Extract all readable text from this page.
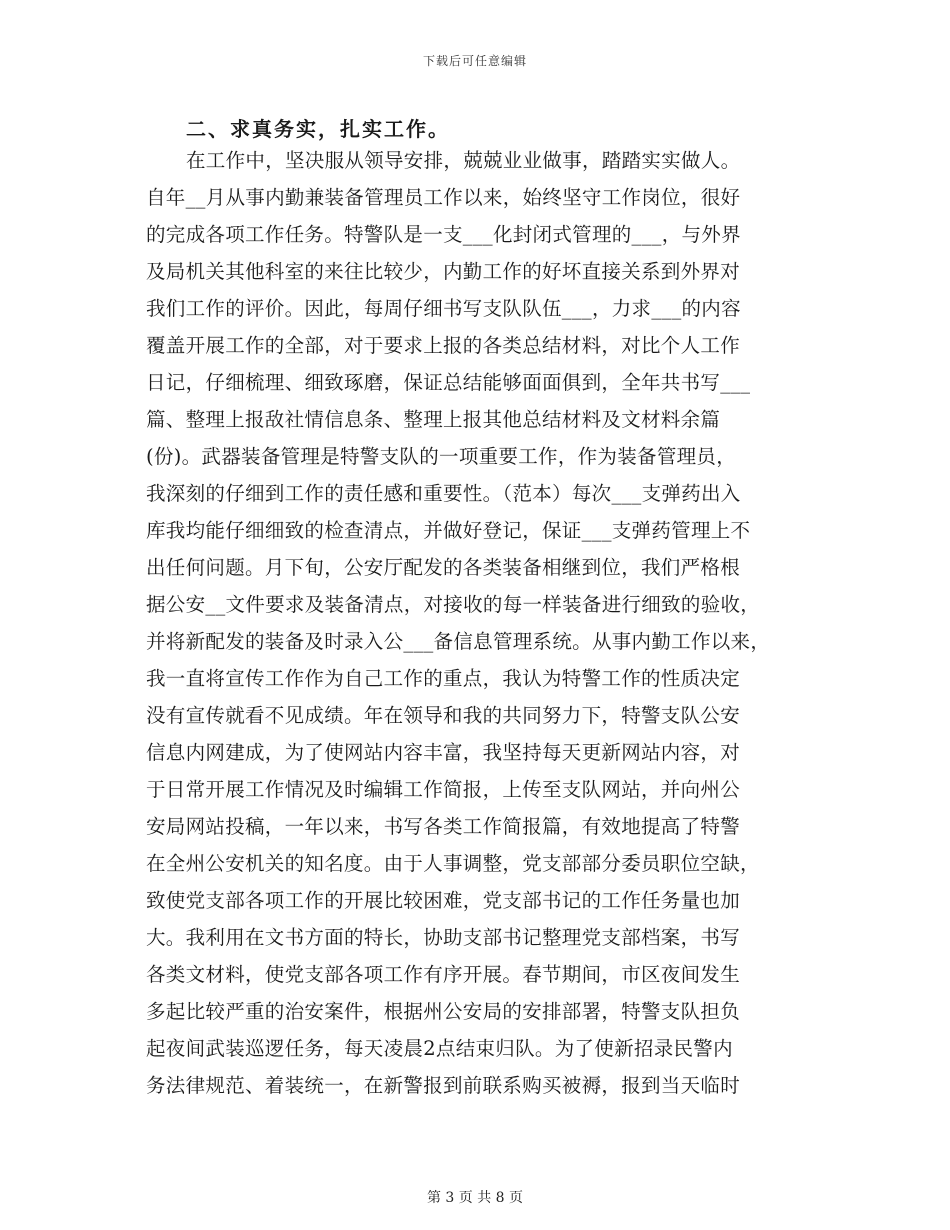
下载后可任意编辑
二、求真务实，扎实工作。
在工作中，坚决服从领导安排，兢兢业业做事，踏踏实实做人。
自年__月从事内勤兼装备管理员工作以来，始终坚守工作岗位，很好
的完成各项工作任务。特警队是一支___化封闭式管理的___，与外界
及局机关其他科室的来往比较少，内勤工作的好坏直接关系到外界对
我们工作的评价。因此，每周仔细书写支队队伍___，力求___的内容
覆盖开展工作的全部，对于要求上报的各类总结材料，对比个人工作
日记，仔细梳理、细致琢磨，保证总结能够面面俱到，全年共书写___
篇、整理上报敌社情信息条、整理上报其他总结材料及文材料余篇
(份)。武器装备管理是特警支队的一项重要工作，作为装备管理员，
我深刻的仔细到工作的责任感和重要性。（范本）每次___支弹药出入
库我均能仔细细致的检查清点，并做好登记，保证___支弹药管理上不
出任何问题。月下旬，公安厅配发的各类装备相继到位，我们严格根
据公安__文件要求及装备清点，对接收的每一样装备进行细致的验收，
并将新配发的装备及时录入公___备信息管理系统。从事内勤工作以来，
我一直将宣传工作作为自己工作的重点，我认为特警工作的性质决定
没有宣传就看不见成绩。年在领导和我的共同努力下，特警支队公安
信息内网建成，为了使网站内容丰富，我坚持每天更新网站内容，对
于日常开展工作情况及时编辑工作简报，上传至支队网站，并向州公
安局网站投稿，一年以来，书写各类工作简报篇，有效地提高了特警
在全州公安机关的知名度。由于人事调整，党支部部分委员职位空缺，
致使党支部各项工作的开展比较困难，党支部书记的工作任务量也加
大。我利用在文书方面的特长，协助支部书记整理党支部档案，书写
各类文材料，使党支部各项工作有序开展。春节期间，市区夜间发生
多起比较严重的治安案件，根据州公安局的安排部署，特警支队担负
起夜间武装巡逻任务，每天凌晨2点结束归队。为了使新招录民警内
务法律规范、着装统一，在新警报到前联系购买被褥，报到当天临时
第 3 页 共 8 页
